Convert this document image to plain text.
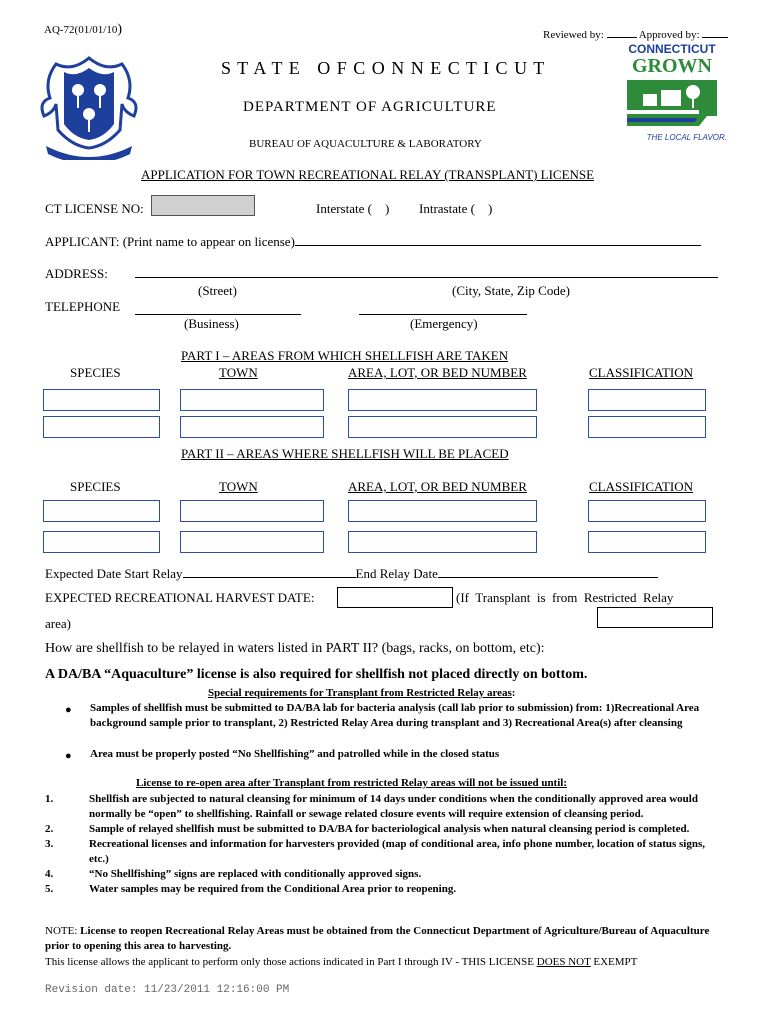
AQ-72(01/01/10)	Reviewed by:	Approved by:
S T A T E   O F C O N N E C T I C U T
DEPARTMENT OF AGRICULTURE
BUREAU OF AQUACULTURE & LABORATORY
CONNECTICUT
GROWN
THE LOCAL FLAVOR.
APPLICATION FOR TOWN RECREATIONAL RELAY (TRANSPLANT) LICENSE
CT LICENSE NO:	Interstate (    ) Intrastate (    )
APPLICANT: (Print name to appear on license)
ADDRESS:
(Street)	(City, State, Zip Code)
TELEPHONE
(Business)	(Emergency)
PART I – AREAS FROM WHICH SHELLFISH ARE TAKEN
SPECIES	TOWN	AREA, LOT, OR BED NUMBER	CLASSIFICATION
PART II – AREAS WHERE SHELLFISH WILL BE PLACED
SPECIES	TOWN	AREA, LOT, OR BED NUMBER	CLASSIFICATION
Expected Date Start Relay	End Relay Date
EXPECTED RECREATIONAL HARVEST DATE:	(If  Transplant  is  from  Restricted  Relay
area)
How are shellfish to be relayed in waters listed in PART II? (bags, racks, on bottom, etc):
A DA/BA “Aquaculture” license is also required for shellfish not placed directly on bottom.
Special requirements for Transplant from Restricted Relay areas:
● Samples of shellfish must be submitted to DA/BA lab for bacteria analysis (call lab prior to submission) from: 1)Recreational Area background sample prior to transplant, 2) Restricted Relay Area during transplant and 3) Recreational Area(s) after cleansing
● Area must be properly posted “No Shellfishing” and patrolled while in the closed status
License to re-open area after Transplant from restricted Relay areas will not be issued until:
1.	Shellfish are subjected to natural cleansing for minimum of 14 days under conditions when the conditionally approved area would normally be “open” to shellfishing. Rainfall or sewage related closure events will require extension of cleansing period.
2.	Sample of relayed shellfish must be submitted to DA/BA for bacteriological analysis when natural cleansing period is completed.
3.	Recreational licenses and information for harvesters provided (map of conditional area, info phone number, location of status signs, etc.)
4.	“No Shellfishing” signs are replaced with conditionally approved signs.
5.	Water samples may be required from the Conditional Area prior to reopening.
NOTE: License to reopen Recreational Relay Areas must be obtained from the Connecticut Department of Agriculture/Bureau of Aquaculture prior to opening this area to harvesting.
This license allows the applicant to perform only those actions indicated in Part I through IV - THIS LICENSE DOES NOT EXEMPT
Revision date: 11/23/2011 12:16:00 PM
